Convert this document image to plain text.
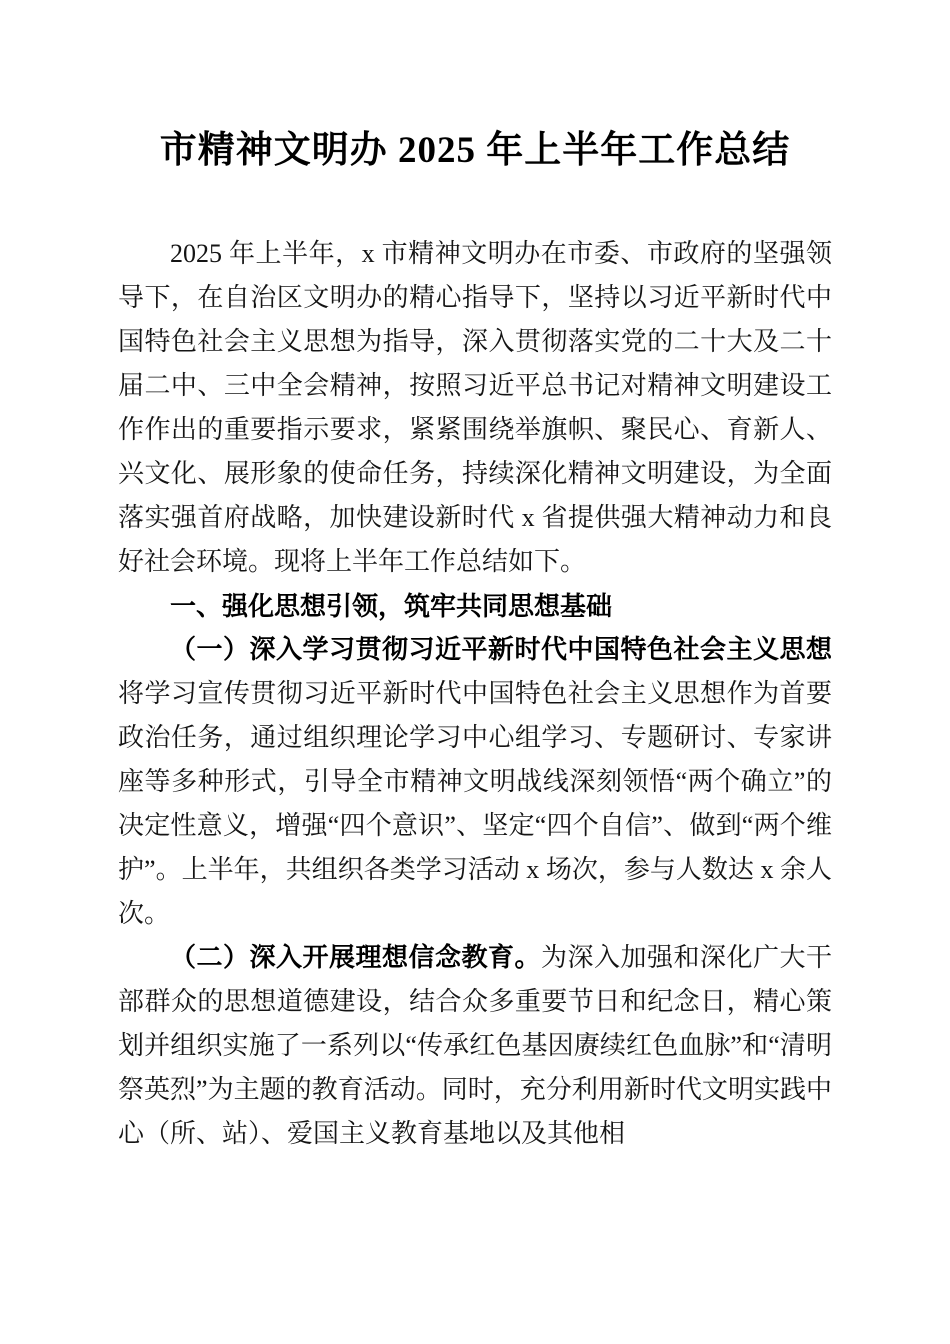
市精神文明办 2025 年上半年工作总结

2025 年上半年，x 市精神文明办在市委、市政府的坚强领导下，在自治区文明办的精心指导下，坚持以习近平新时代中国特色社会主义思想为指导，深入贯彻落实党的二十大及二十届二中、三中全会精神，按照习近平总书记对精神文明建设工作作出的重要指示要求，紧紧围绕举旗帜、聚民心、育新人、兴文化、展形象的使命任务，持续深化精神文明建设，为全面落实强首府战略，加快建设新时代 x 省提供强大精神动力和良好社会环境。现将上半年工作总结如下。

一、强化思想引领，筑牢共同思想基础

（一）深入学习贯彻习近平新时代中国特色社会主义思想将学习宣传贯彻习近平新时代中国特色社会主义思想作为首要政治任务，通过组织理论学习中心组学习、专题研讨、专家讲座等多种形式，引导全市精神文明战线深刻领悟“两个确立”的决定性意义，增强“四个意识”、坚定“四个自信”、做到“两个维护”。上半年，共组织各类学习活动 x 场次，参与人数达 x 余人次。

（二）深入开展理想信念教育。为深入加强和深化广大干部群众的思想道德建设，结合众多重要节日和纪念日，精心策划并组织实施了一系列以“传承红色基因赓续红色血脉”和“清明祭英烈”为主题的教育活动。同时，充分利用新时代文明实践中心（所、站）、爱国主义教育基地以及其他相
